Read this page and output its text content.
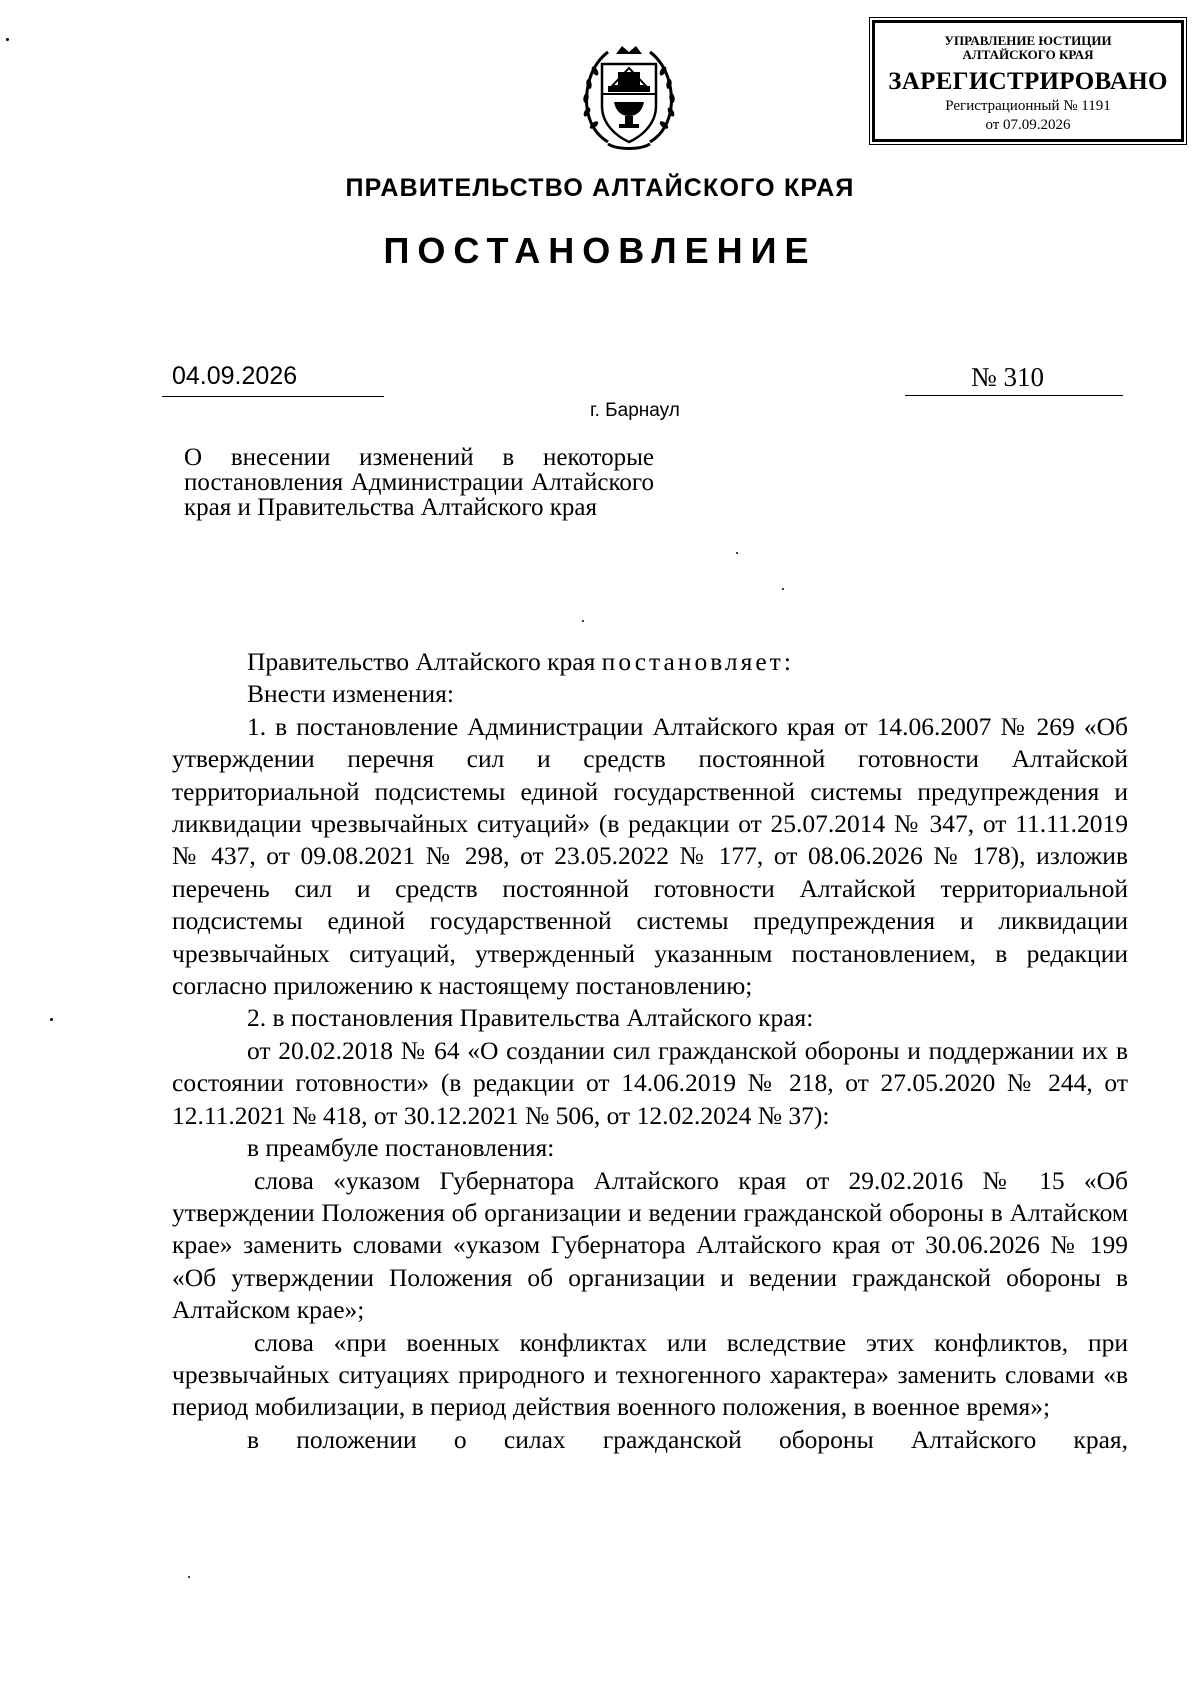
УПРАВЛЕНИЕ ЮСТИЦИИ
АЛТАЙСКОГО КРАЯ
ЗАРЕГИСТРИРОВАНО
Регистрационный № 1191
от 07.09.2026
ПРАВИТЕЛЬСТВО АЛТАЙСКОГО КРАЯ
ПОСТАНОВЛЕНИЕ
04.09.2026	№ 310
г. Барнаул
О внесении изменений в некоторые постановления Администрации Алтайского края и Правительства Алтайского края

Правительство Алтайского края постановляет:

Внести изменения:

1. в постановление Администрации Алтайского края от 14.06.2007 № 269 «Об утверждении перечня сил и средств постоянной готовности Алтайской территориальной подсистемы единой государственной системы предупреждения и ликвидации чрезвычайных ситуаций» (в редакции от 25.07.2014 № 347, от 11.11.2019 № 437, от 09.08.2021 № 298, от 23.05.2022 № 177, от 08.06.2026 № 178), изложив перечень сил и средств постоянной готовности Алтайской территориальной подсистемы единой государственной системы предупреждения и ликвидации чрезвычайных ситуаций, утвержденный указанным постановлением, в редакции согласно приложению к настоящему постановлению;

2. в постановления Правительства Алтайского края:

от 20.02.2018 № 64 «О создании сил гражданской обороны и поддержании их в состоянии готовности» (в редакции от 14.06.2019 № 218, от 27.05.2020 № 244, от 12.11.2021 № 418, от 30.12.2021 № 506, от 12.02.2024 № 37):

в преамбуле постановления:

слова «указом Губернатора Алтайского края от 29.02.2016 № 15 «Об утверждении Положения об организации и ведении гражданской обороны в Алтайском крае» заменить словами «указом Губернатора Алтайского края от 30.06.2026 № 199 «Об утверждении Положения об организации и ведении гражданской обороны в Алтайском крае»;

слова «при военных конфликтах или вследствие этих конфликтов, при чрезвычайных ситуациях природного и техногенного характера» заменить словами «в период мобилизации, в период действия военного положения, в военное время»;

в положении о силах гражданской обороны Алтайского края,
